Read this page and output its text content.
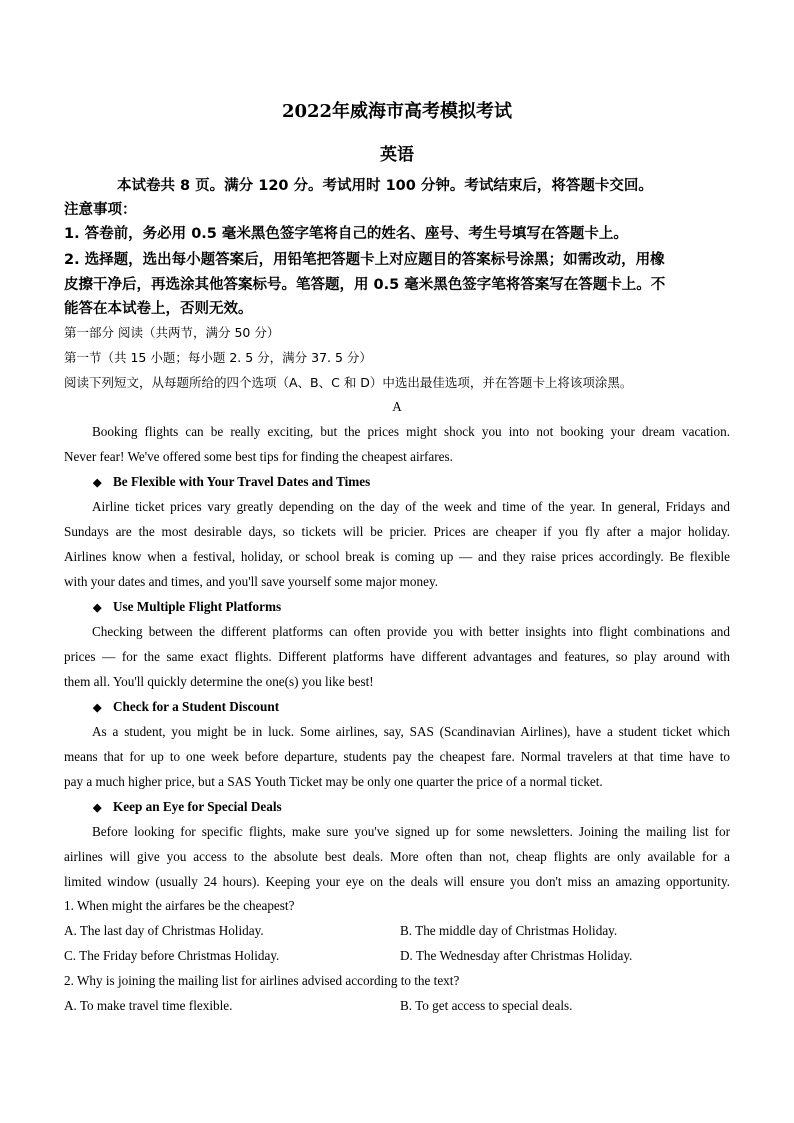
2022年威海市高考模拟考试
英语
本试卷共 8 页。满分 120 分。考试用时 100 分钟。考试结束后，将答题卡交回。
注意事项：
1. 答卷前，务必用 0.5 毫米黑色签字笔将自己的姓名、座号、考生号填写在答题卡上。
2. 选择题，选出每小题答案后，用铅笔把答题卡上对应题目的答案标号涂黑；如需改动，用橡
皮擦干净后，再选涂其他答案标号。笔答题，用 0.5 毫米黑色签字笔将答案写在答题卡上。不
能答在本试卷上，否则无效。
第一部分 阅读（共两节，满分 50 分）
第一节（共 15 小题；每小题 2. 5 分，满分 37. 5 分）
阅读下列短文，从每题所给的四个选项（A、B、C 和 D）中选出最佳选项，并在答题卡上将该项涂黑。
A
Booking flights can be really exciting, but the prices might shock you into not booking your dream vacation.
Never fear! We've offered some best tips for finding the cheapest airfares.
◆ Be Flexible with Your Travel Dates and Times
Airline ticket prices vary greatly depending on the day of the week and time of the year. In general, Fridays and
Sundays are the most desirable days, so tickets will be pricier. Prices are cheaper if you fly after a major holiday.
Airlines know when a festival, holiday, or school break is coming up — and they raise prices accordingly. Be flexible
with your dates and times, and you'll save yourself some major money.
◆ Use Multiple Flight Platforms
Checking between the different platforms can often provide you with better insights into flight combinations and
prices — for the same exact flights. Different platforms have different advantages and features, so play around with
them all. You'll quickly determine the one(s) you like best!
◆ Check for a Student Discount
As a student, you might be in luck. Some airlines, say, SAS (Scandinavian Airlines), have a student ticket which
means that for up to one week before departure, students pay the cheapest fare. Normal travelers at that time have to
pay a much higher price, but a SAS Youth Ticket may be only one quarter the price of a normal ticket.
◆ Keep an Eye for Special Deals
Before looking for specific flights, make sure you've signed up for some newsletters. Joining the mailing list for
airlines will give you access to the absolute best deals. More often than not, cheap flights are only available for a
limited window (usually 24 hours). Keeping your eye on the deals will ensure you don't miss an amazing opportunity.
1. When might the airfares be the cheapest?
A. The last day of Christmas Holiday.	B. The middle day of Christmas Holiday.
C. The Friday before Christmas Holiday.	D. The Wednesday after Christmas Holiday.
2. Why is joining the mailing list for airlines advised according to the text?
A. To make travel time flexible.	B. To get access to special deals.
